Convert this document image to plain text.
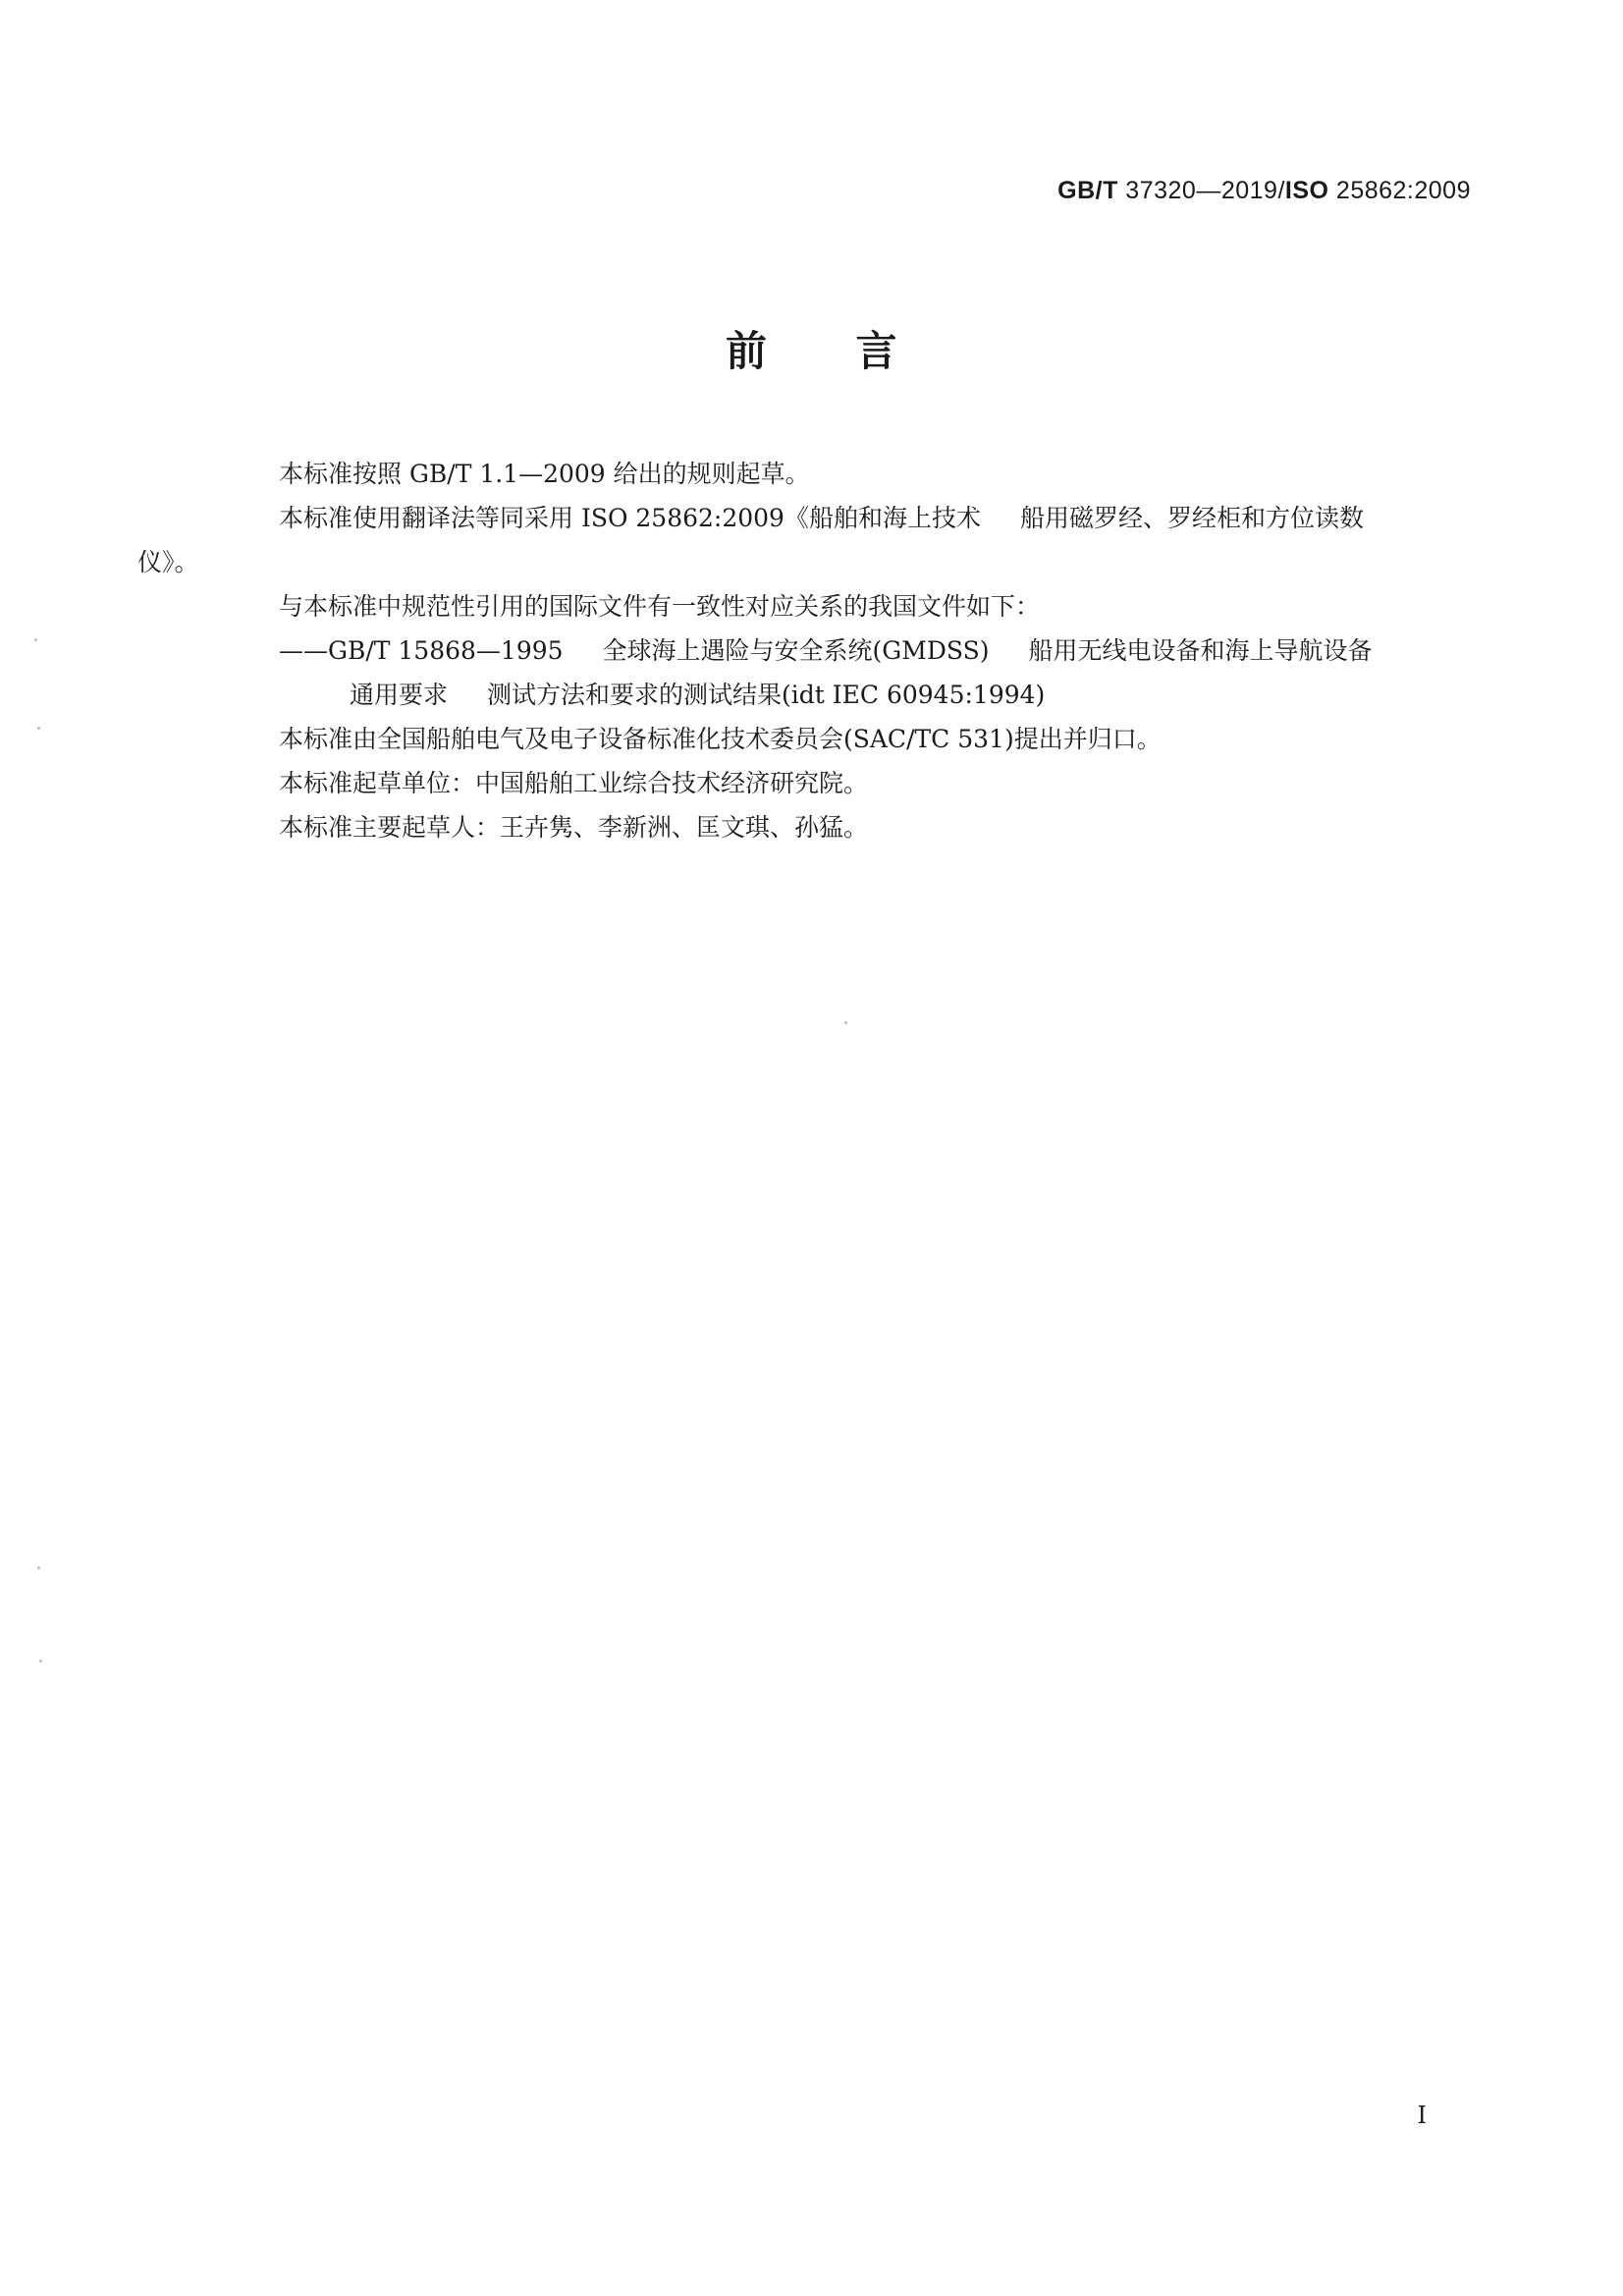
GB/T 37320—2019/ISO 25862:2009
前 言

本标准按照 GB/T 1.1—2009 给出的规则起草。

本标准使用翻译法等同采用 ISO 25862:2009《船舶和海上技术 船用磁罗经、罗经柜和方位读数
仪》。

与本标准中规范性引用的国际文件有一致性对应关系的我国文件如下：

——GB/T 15868—1995 全球海上遇险与安全系统(GMDSS) 船用无线电设备和海上导航设备
通用要求 测试方法和要求的测试结果(idt IEC 60945:1994)

本标准由全国船舶电气及电子设备标准化技术委员会(SAC/TC 531)提出并归口。

本标准起草单位：中国船舶工业综合技术经济研究院。

本标准主要起草人：王卉隽、李新洲、匡文琪、孙猛。

I
